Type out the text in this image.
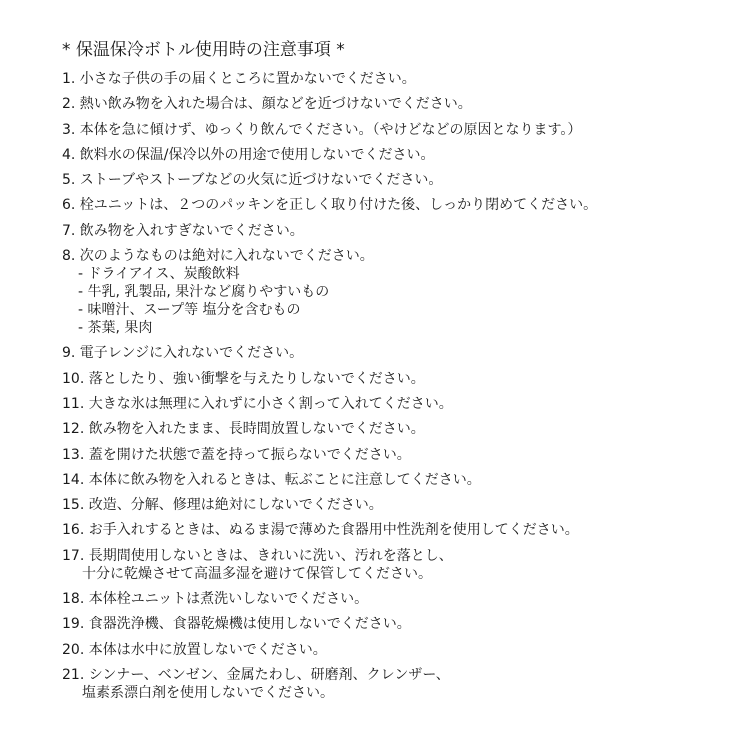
* 保温保冷ボトル使用時の注意事項 *
1. 小さな子供の手の届くところに置かないでください。
2. 熱い飲み物を入れた場合は、顔などを近づけないでください。
3. 本体を急に傾けず、ゆっくり飲んでください。（やけどなどの原因となります。）
4. 飲料水の保温/保冷以外の用途で使用しないでください。
5. ストーブやストーブなどの火気に近づけないでください。
6. 栓ユニットは、２つのパッキンを正しく取り付けた後、しっかり閉めてください。
7. 飲み物を入れすぎないでください。
8. 次のようなものは絶対に入れないでください。
- ドライアイス、炭酸飲料
- 牛乳, 乳製品, 果汁など腐りやすいもの
- 味噌汁、スープ等 塩分を含むもの
- 茶葉, 果肉
9. 電子レンジに入れないでください。
10. 落としたり、強い衝撃を与えたりしないでください。
11. 大きな氷は無理に入れずに小さく割って入れてください。
12. 飲み物を入れたまま、長時間放置しないでください。
13. 蓋を開けた状態で蓋を持って振らないでください。
14. 本体に飲み物を入れるときは、転ぶことに注意してください。
15. 改造、分解、修理は絶対にしないでください。
16. お手入れするときは、ぬるま湯で薄めた食器用中性洗剤を使用してください。
17. 長期間使用しないときは、きれいに洗い、汚れを落とし、
十分に乾燥させて高温多湿を避けて保管してください。
18. 本体栓ユニットは煮洗いしないでください。
19. 食器洗浄機、食器乾燥機は使用しないでください。
20. 本体は水中に放置しないでください。
21. シンナー、ベンゼン、金属たわし、研磨剤、クレンザー、
塩素系漂白剤を使用しないでください。
